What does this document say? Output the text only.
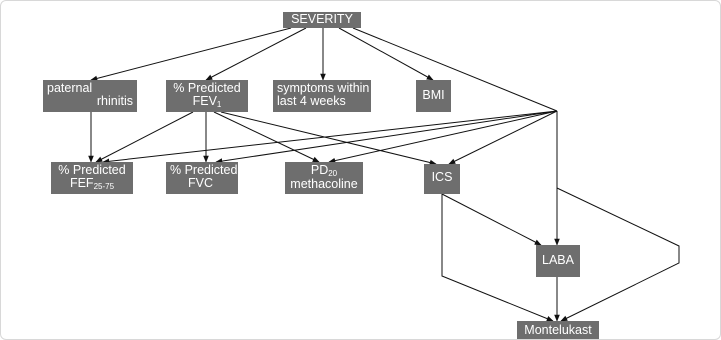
SEVERITY
paternal
rhinitis
% Predicted
$FEV_1$
symptoms within
last 4 weeks	BMI
% Predicted
$FEF_{25-75}$
% Predicted
FVC
$PD_{20}$
methacoline	ICS
LABA
Montelukast
